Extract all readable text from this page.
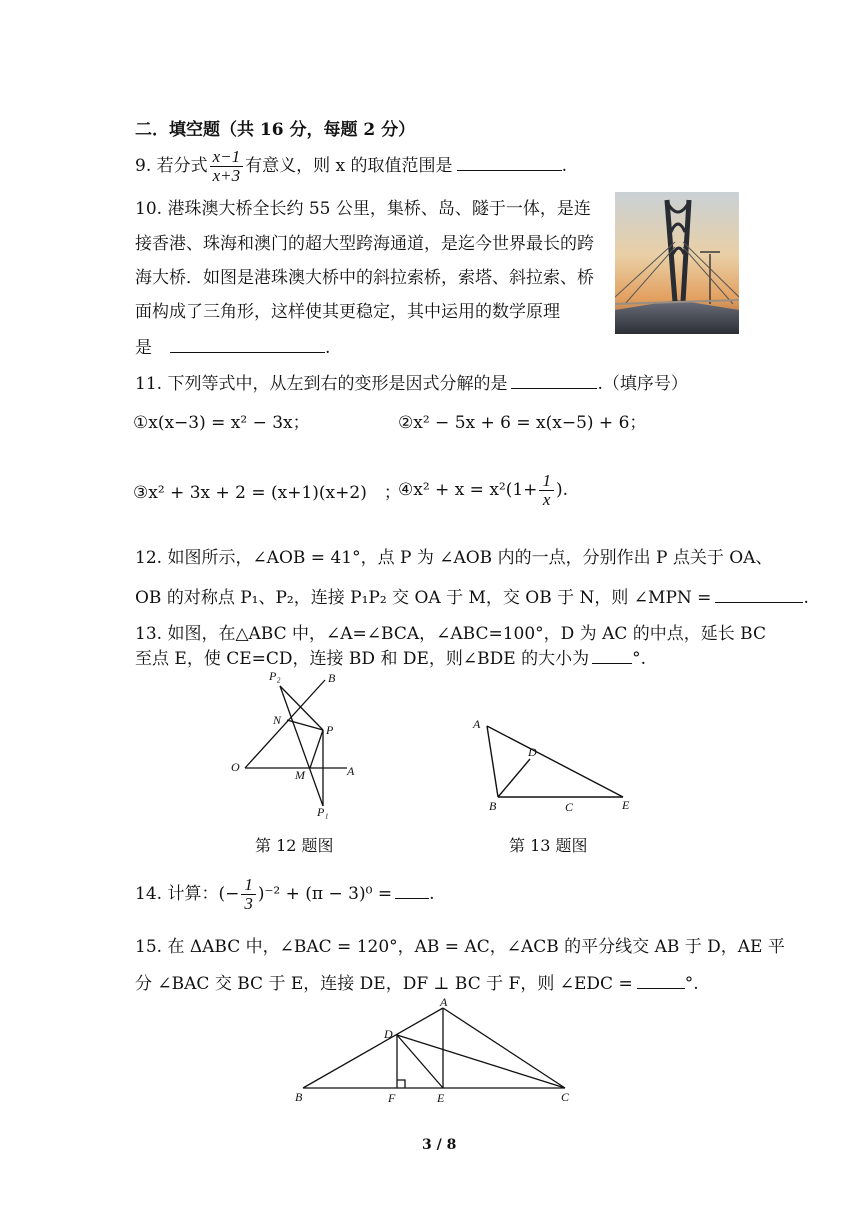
二．填空题（共 16 分，每题 2 分）
9. 若分式 $\frac{x-1}{x+3}$ 有意义，则 x 的取值范围是	.
10. 港珠澳大桥全长约 55 公里，集桥、岛、隧于一体，是连
接香港、珠海和澳门的超大型跨海通道，是迄今世界最长的跨
海大桥．如图是港珠澳大桥中的斜拉索桥，索塔、斜拉索、桥
面构成了三角形，这样使其更稳定，其中运用的数学原理
是	.
11. 下列等式中，从左到右的变形是因式分解的是	.（填序号）
①x(x−3) = x² − 3x；	②x² − 5x + 6 = x(x−5) + 6；
③x² + 3x + 2 = (x+1)(x+2)　；
④x² + $x = x^2(1+ \frac{1}{x}$ ).
12. 如图所示，∠AOB = 41°，点 P 为 ∠AOB 内的一点，分别作出 P 点关于 OA、
OB 的对称点 P₁、P₂，连接 P₁P₂ 交 OA 于 M，交 OB 于 N，则 ∠MPN =	.
13. 如图，在△ABC 中，∠A=∠BCA，∠ABC=100°，D 为 AC 的中点，延长 BC
至点 E，使 CE=CD，连接 BD 和 DE，则∠BDE 的大小为	°.
P₂	B
N
P
O
M	A
P₁
第 12 题图
A
D
B	C	E
第 13 题图
14. 计算：(− $\frac{1}{3} )^{-2} + (\pi - 3)^0$ = .
15. 在 ΔABC 中，∠BAC = 120°，AB = AC，∠ACB 的平分线交 AB 于 D，AE 平
分 ∠BAC 交 BC 于 E，连接 DE，DF ⊥ BC 于 F，则 ∠EDC =	°.
A
D
B	F	E	C
3 / 8
